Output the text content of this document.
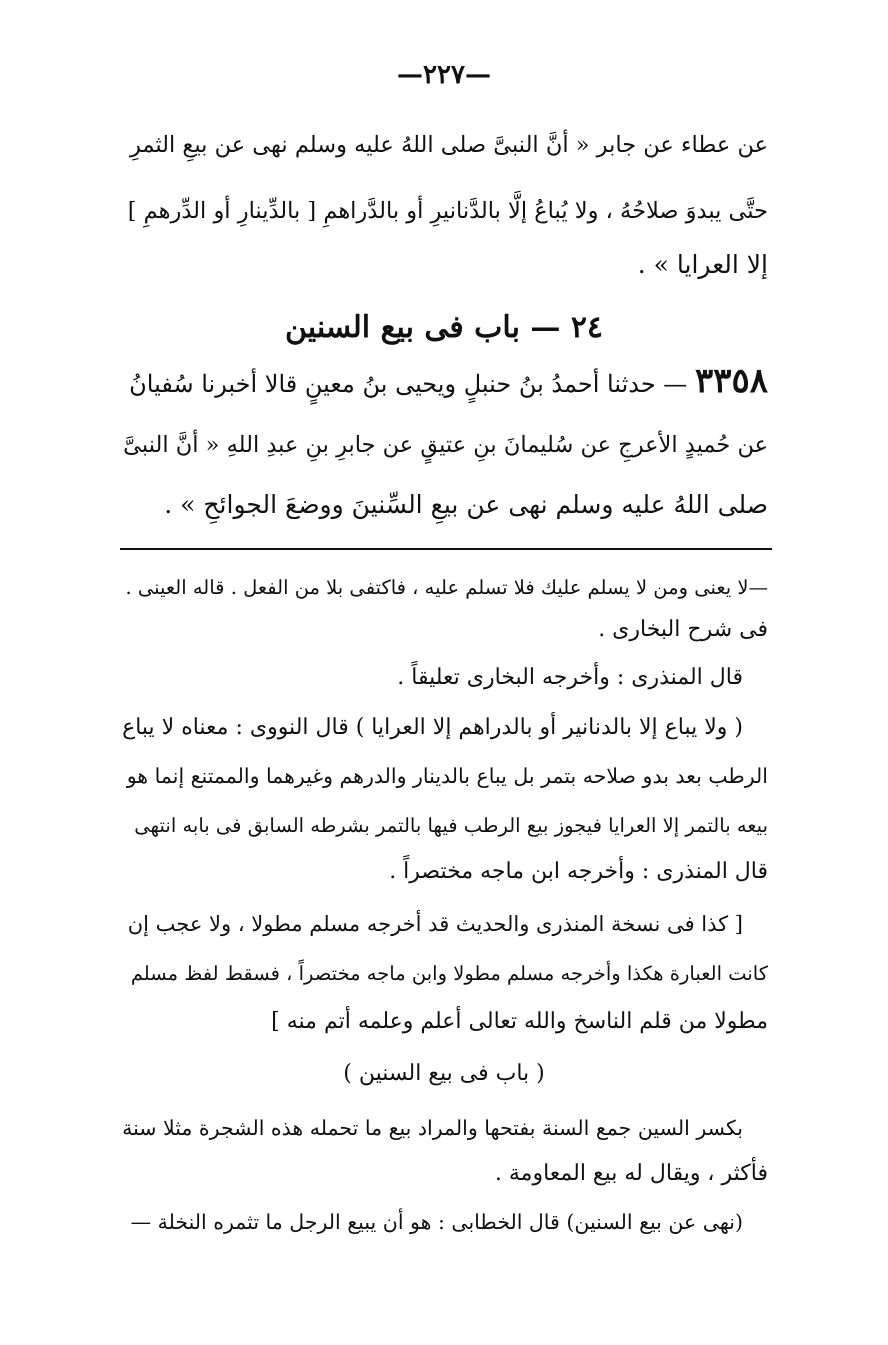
—٢٢٧—
عن عطاء عن جابر « أنَّ النبىَّ صلى اللهُ عليه وسلم نهى عن بيعِ الثمرِ
حتَّى يبدوَ صلاحُهُ ، ولا يُباعُ إلَّا بالدَّنانيرِ أو بالدَّراهمِ [ بالدِّينارِ أو الدِّرهمِ ]
إلا العرايا » .
٢٤ — باب فى بيع السنين
٣٣٥٨ — حدثنا أحمدُ بنُ حنبلٍ ويحيى بنُ معينٍ قالا أخبرنا سُفيانُ
عن حُميدٍ الأعرجِ عن سُليمانَ بنِ عتيقٍ عن جابرِ بنِ عبدِ اللهِ « أنَّ النبىَّ
صلى اللهُ عليه وسلم نهى عن بيعِ السِّنينَ ووضعَ الجوائحِ » .
—لا يعنى ومن لا يسلم عليك فلا تسلم عليه ، فاكتفى بلا من الفعل . قاله العينى .
فى شرح البخارى .
قال المنذرى : وأخرجه البخارى تعليقاً .
( ولا يباع إلا بالدنانير أو بالدراهم إلا العرايا ) قال النووى : معناه لا يباع
الرطب بعد بدو صلاحه بتمر بل يباع بالدينار والدرهم وغيرهما والممتنع إنما هو
بيعه بالتمر إلا العرايا فيجوز بيع الرطب فيها بالتمر بشرطه السابق فى بابه انتهى
قال المنذرى : وأخرجه ابن ماجه مختصراً .
[ كذا فى نسخة المنذرى والحديث قد أخرجه مسلم مطولا ، ولا عجب إن
كانت العبارة هكذا وأخرجه مسلم مطولا وابن ماجه مختصراً ، فسقط لفظ مسلم
مطولا من قلم الناسخ والله تعالى أعلم وعلمه أتم منه ]
( باب فى بيع السنين )
بكسر السين جمع السنة بفتحها والمراد بيع ما تحمله هذه الشجرة مثلا سنة
فأكثر ، ويقال له بيع المعاومة .
(نهى عن بيع السنين) قال الخطابى : هو أن يبيع الرجل ما تثمره النخلة —
